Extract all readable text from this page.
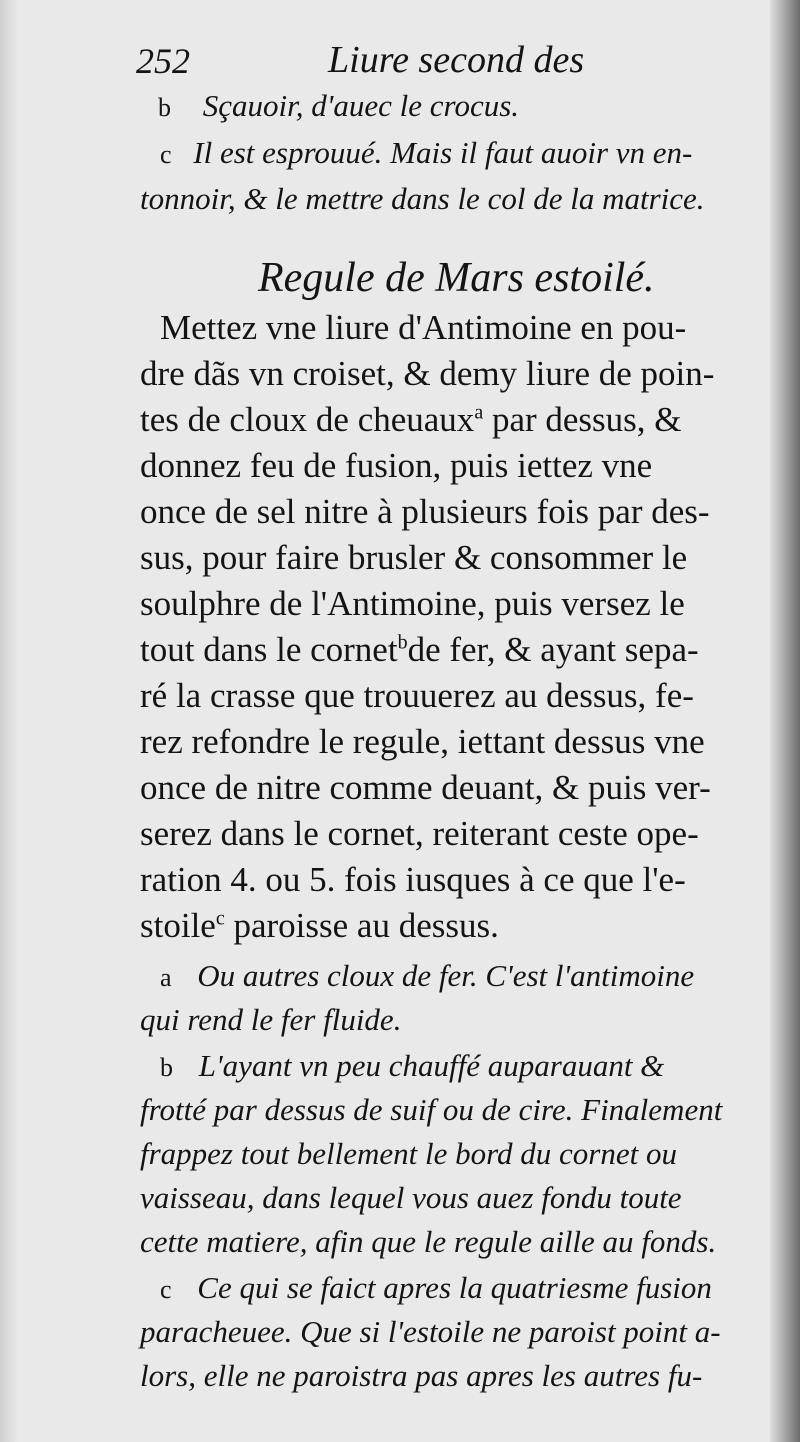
252	Liure second des
b Sçauoir, d'auec le crocus.
c Il est esprouué. Mais il faut auoir vn en-
tonnoir, & le mettre dans le col de la matrice.
Regule de Mars estoilé.
Mettez vne liure d'Antimoine en pou-
dre dãs vn croiset, & demy liure de poin-
tes de cloux de cheuaux$^a$ par dessus, &
donnez feu de fusion, puis iettez vne
once de sel nitre à plusieurs fois par des-
sus, pour faire brusler & consommer le
soulphre de l'Antimoine, puis versez le
tout dans le cornet$^b$de fer, & ayant sepa-
ré la crasse que trouuerez au dessus, fe-
rez refondre le regule, iettant dessus vne
once de nitre comme deuant, & puis ver-
serez dans le cornet, reiterant ceste ope-
ration 4. ou 5. fois iusques à ce que l'e-
stoile$^c$ paroisse au dessus.
a Ou autres cloux de fer. C'est l'antimoine
qui rend le fer fluide.
b L'ayant vn peu chauffé auparauant &
frotté par dessus de suif ou de cire. Finalement
frappez tout bellement le bord du cornet ou
vaisseau, dans lequel vous auez fondu toute
cette matiere, afin que le regule aille au fonds.
c Ce qui se faict apres la quatriesme fusion
paracheuee. Que si l'estoile ne paroist point a-
lors, elle ne paroistra pas apres les autres fu-
